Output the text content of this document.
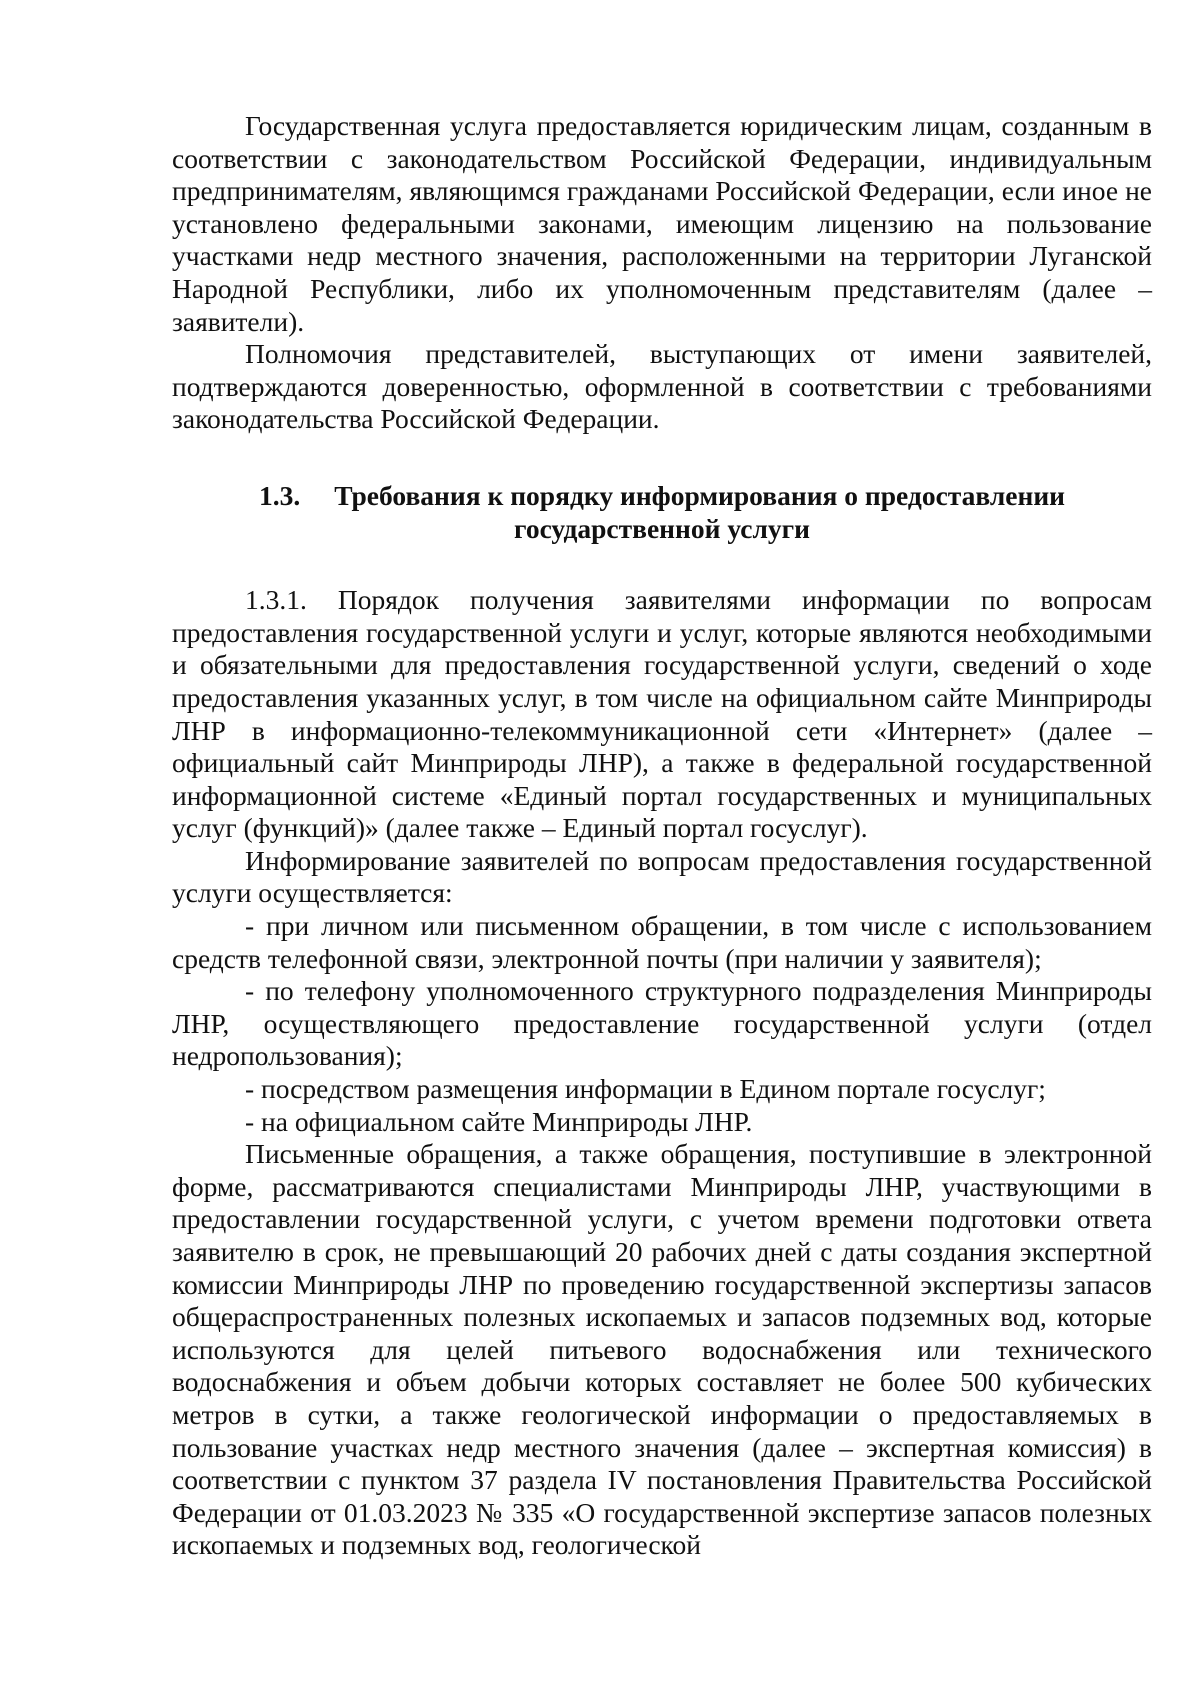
Государственная услуга предоставляется юридическим лицам, созданным в соответствии с законодательством Российской Федерации, индивидуальным предпринимателям, являющимся гражданами Российской Федерации, если иное не установлено федеральными законами, имеющим лицензию на пользование участками недр местного значения, расположенными на территории Луганской Народной Республики, либо их уполномоченным представителям (далее – заявители).

Полномочия представителей, выступающих от имени заявителей, подтверждаются доверенностью, оформленной в соответствии с требованиями законодательства Российской Федерации.

1.3. Требования к порядку информирования о предоставлении
государственной услуги

1.3.1. Порядок получения заявителями информации по вопросам предоставления государственной услуги и услуг, которые являются необходимыми и обязательными для предоставления государственной услуги, сведений о ходе предоставления указанных услуг, в том числе на официальном сайте Минприроды ЛНР в информационно-телекоммуникационной сети «Интернет» (далее – официальный сайт Минприроды ЛНР), а также в федеральной государственной информационной системе «Единый портал государственных и муниципальных услуг (функций)» (далее также – Единый портал госуслуг).

Информирование заявителей по вопросам предоставления государственной услуги осуществляется:

- при личном или письменном обращении, в том числе с использованием средств телефонной связи, электронной почты (при наличии у заявителя);

- по телефону уполномоченного структурного подразделения Минприроды ЛНР, осуществляющего предоставление государственной услуги (отдел недропользования);

- посредством размещения информации в Едином портале госуслуг;

- на официальном сайте Минприроды ЛНР.

Письменные обращения, а также обращения, поступившие в электронной форме, рассматриваются специалистами Минприроды ЛНР, участвующими в предоставлении государственной услуги, с учетом времени подготовки ответа заявителю в срок, не превышающий 20 рабочих дней с даты создания экспертной комиссии Минприроды ЛНР по проведению государственной экспертизы запасов общераспространенных полезных ископаемых и запасов подземных вод, которые используются для целей питьевого водоснабжения или технического водоснабжения и объем добычи которых составляет не более 500 кубических метров в сутки, а также геологической информации о предоставляемых в пользование участках недр местного значения (далее – экспертная комиссия) в соответствии с пунктом 37 раздела IV постановления Правительства Российской Федерации от 01.03.2023 № 335 «О государственной экспертизе запасов полезных ископаемых и подземных вод, геологической
